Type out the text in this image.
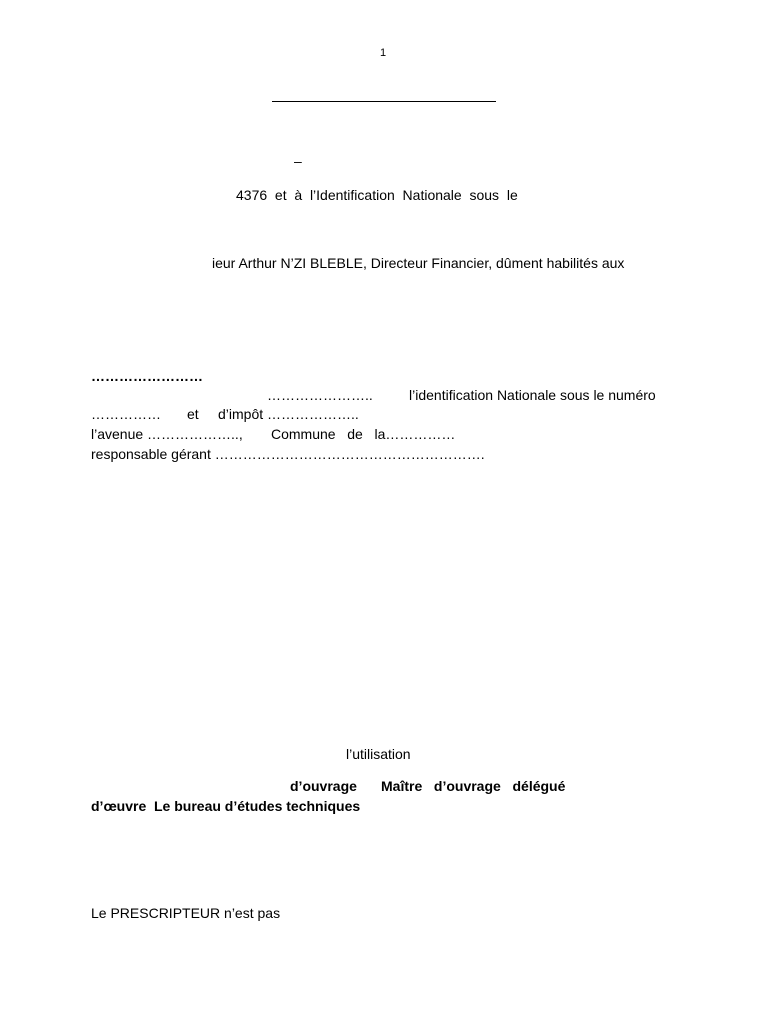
1
–
4376  et  à  l’Identification  Nationale  sous  le
ieur Arthur N’ZI BLEBLE, Directeur Financier, dûment habilités aux
……………………
…………………..	l’identification Nationale sous le numéro
…………… et d’impôt ………………..
l’avenue ……………….., Commune   de   la……………
responsable gérant ………………………………………………….
l’utilisation
d’ouvrage Maître   d’ouvrage   délégué
d’œuvre  Le bureau d’études techniques
Le PRESCRIPTEUR n’est pas
